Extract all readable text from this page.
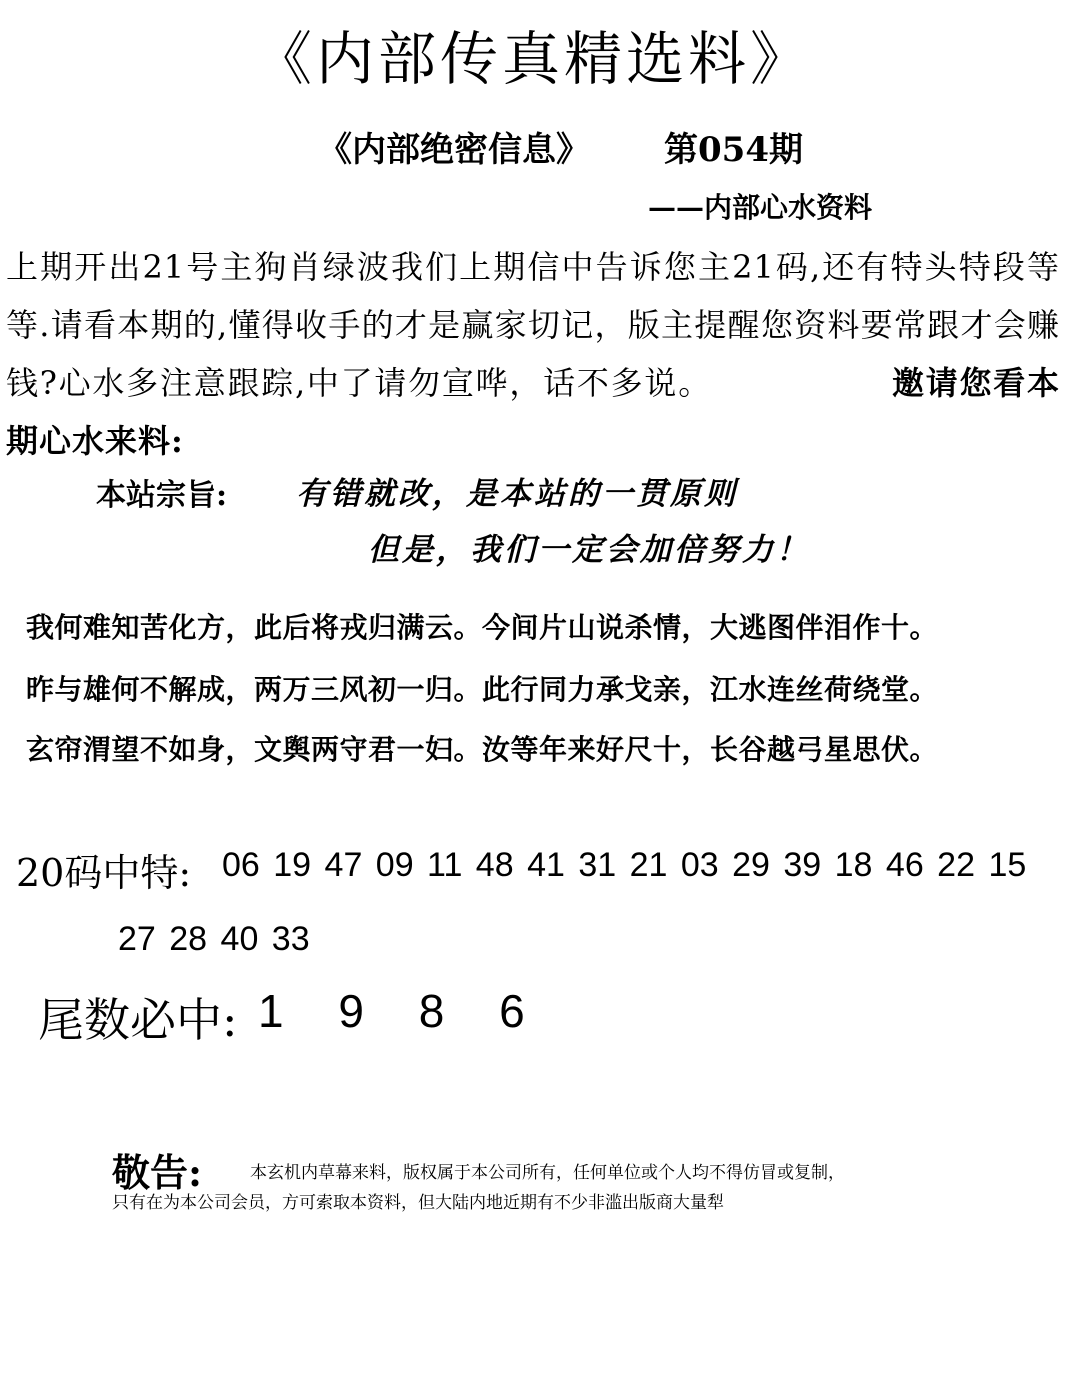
《内部传真精选料》
《内部绝密信息》 第054期
——内部心水资料
上期开出21号主狗肖绿波我们上期信中告诉您主21码,还有特头特段等等.请看本期的,懂得收手的才是赢家切记，版主提醒您资料要常跟才会赚钱?心水多注意跟踪,中了请勿宣哗，话不多说。	邀请您看本期心水来料:
本站宗旨: 有错就改，是本站的一贯原则
但是，我们一定会加倍努力！
我何难知苦化方，此后将戎归满云。今间片山说杀情，大逃图伴泪作十。
昨与雄何不解成，两万三风初一归。此行同力承戈亲，江水连丝荷绕堂。
玄帘渭望不如身，文舆两守君一妇。汝等年来好尺十，长谷越弓星思伏。
20码中特: 06 19 47 09 11 48 41 31 21 03 29 39 18 46 22 15
27 28 40 33
尾数必中: 1 9 8 6
敬告:	本玄机内草幕来料，版权属于本公司所有，任何单位或个人均不得仿冒或复制，
只有在为本公司会员，方可索取本资料，但大陆内地近期有不少非滥出版商大量犁
